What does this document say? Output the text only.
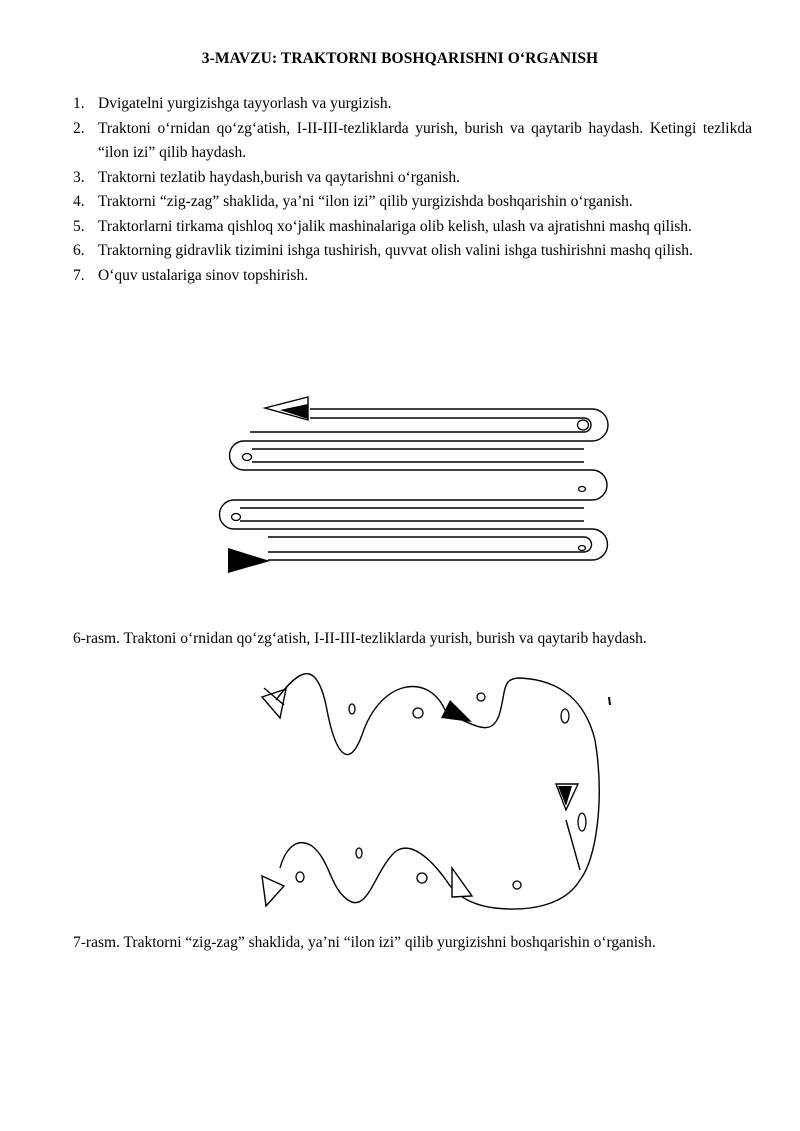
3-MAVZU: TRAKTORNI BOSHQARISHNI O‘RGANISH
1. Dvigatelni yurgizishga tayyorlash va yurgizish.
2. Traktoni o‘rnidan qo‘zg‘atish, I-II-III-tezliklarda yurish, burish va qaytarib haydash. Ketingi tezlikda “ilon izi” qilib haydash.
3. Traktorni tezlatib haydash,burish va qaytarishni o‘rganish.
4. Traktorni “zig-zag” shaklida, ya’ni “ilon izi” qilib yurgizishda boshqarishin o‘rganish.
5. Traktorlarni tirkama qishloq xo‘jalik mashinalariga olib kelish, ulash va ajratishni mashq qilish.
6. Traktorning gidravlik tizimini ishga tushirish, quvvat olish valini ishga tushirishni mashq qilish.
7. O‘quv ustalariga sinov topshirish.
6-rasm. Traktoni o‘rnidan qo‘zg‘atish, I-II-III-tezliklarda yurish, burish va qaytarib haydash.
7-rasm. Traktorni “zig-zag” shaklida, ya’ni “ilon izi” qilib yurgizishni boshqarishin o‘rganish.
